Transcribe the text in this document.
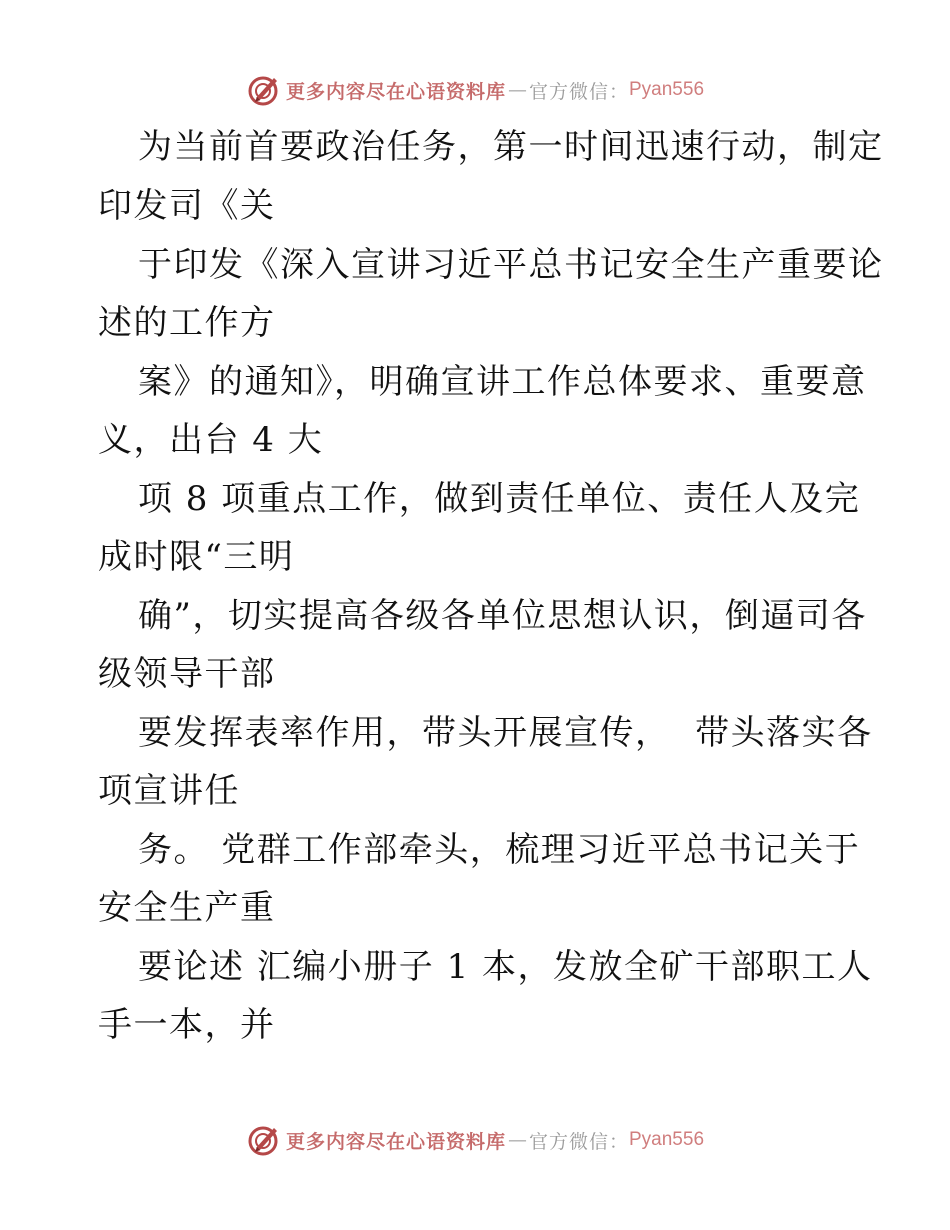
更多内容尽在心语资料库 — 官方微信： Pyan556
为当前首要政治任务，第一时间迅速行动，制定
印发司《关
于印发《深入宣讲习近平总书记安全生产重要论
述的工作方
案》的通知》，明确宣讲工作总体要求、重要意
义，出台 4 大
项 8 项重点工作，做到责任单位、责任人及完
成时限“三明
确”，切实提高各级各单位思想认识，倒逼司各
级领导干部
要发挥表率作用，带头开展宣传，  带头落实各
项宣讲任
务。 党群工作部牵头，梳理习近平总书记关于
安全生产重
要论述 汇编小册子 1 本，发放全矿干部职工人
手一本，并
更多内容尽在心语资料库 — 官方微信： Pyan556
